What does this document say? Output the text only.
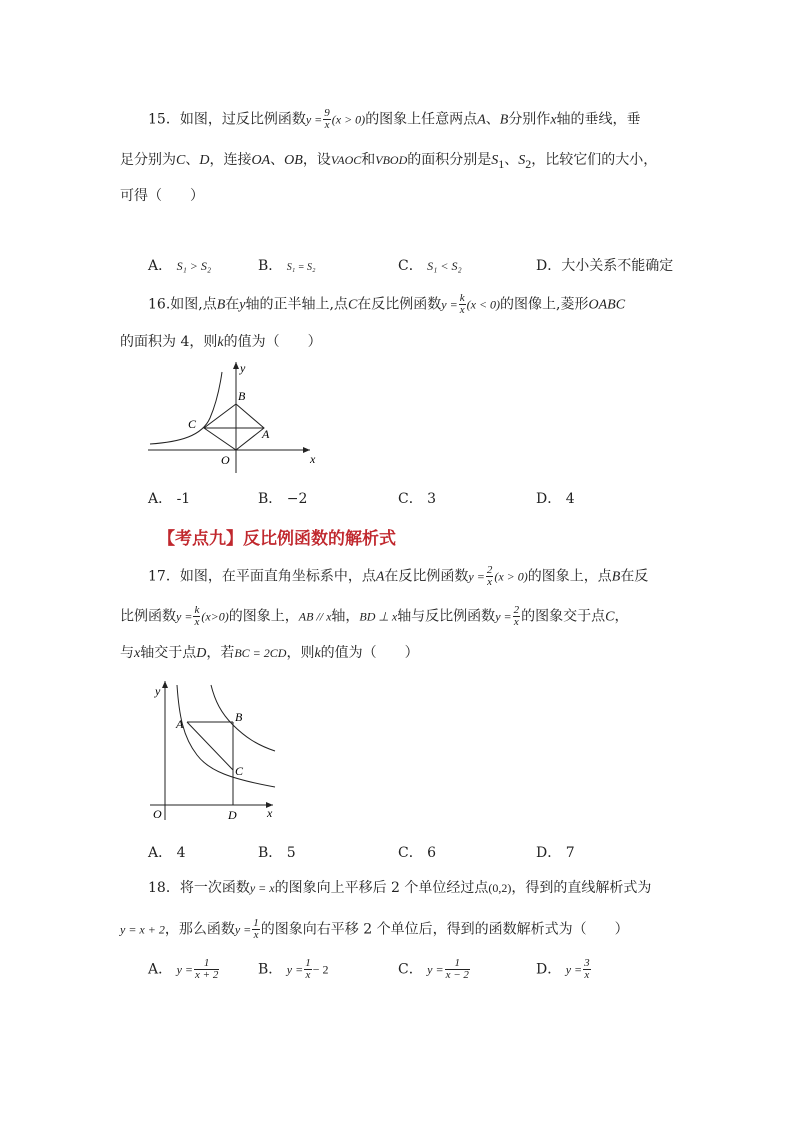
15．如图，过反比例函数$y = \frac{9}{x} (x > 0)$的图象上任意两点A、B分别作x轴的垂线，垂
足分别为C、D，连接OA、OB，设VAOC和VBOD的面积分别是$S_1$、$S_2$，比较它们的大小，
可得（　　）
A． S₁ > S₂	B． S₁ = S₂	C． S₁ < S₂	D．大小关系不能确定
16.如图,点B在y轴的正半轴上,点C在反比例函数$y = \frac{k}{x} (x < 0)$的图像上,菱形OABC
的面积为 4，则k的值为（　　）
y
x
B
C
A
O
A． -1	B． −2	C． 3	D． 4
【考点九】反比例函数的解析式
17．如图，在平面直角坐标系中，点A在反比例函数$y = \frac{2}{x} (x > 0)$的图象上，点B在反
比例函数$y = \frac{k}{x} (x>0)$的图象上，AB // x轴，BD ⊥ x轴与反比例函数$y = \frac{2}{x}$ 的图象交于点C，
与x轴交于点D，若BC = 2CD，则k的值为（　　）
y
x
A	B
C
O	D
A． 4	B． 5	C． 6	D． 7
18．将一次函数y = x的图象向上平移后 2 个单位经过点(0,2)，得到的直线解析式为
y = x + 2，那么函数$y = \frac{1}{x}$ 的图象向右平移 2 个单位后，得到的函数解析式为（　　）
A． $y = \frac{1}{x + 2}$	B． $y = \frac{1}{x} - 2$	C． $y = \frac{1}{x - 2}$	D． $y = \frac{3}{x}$
